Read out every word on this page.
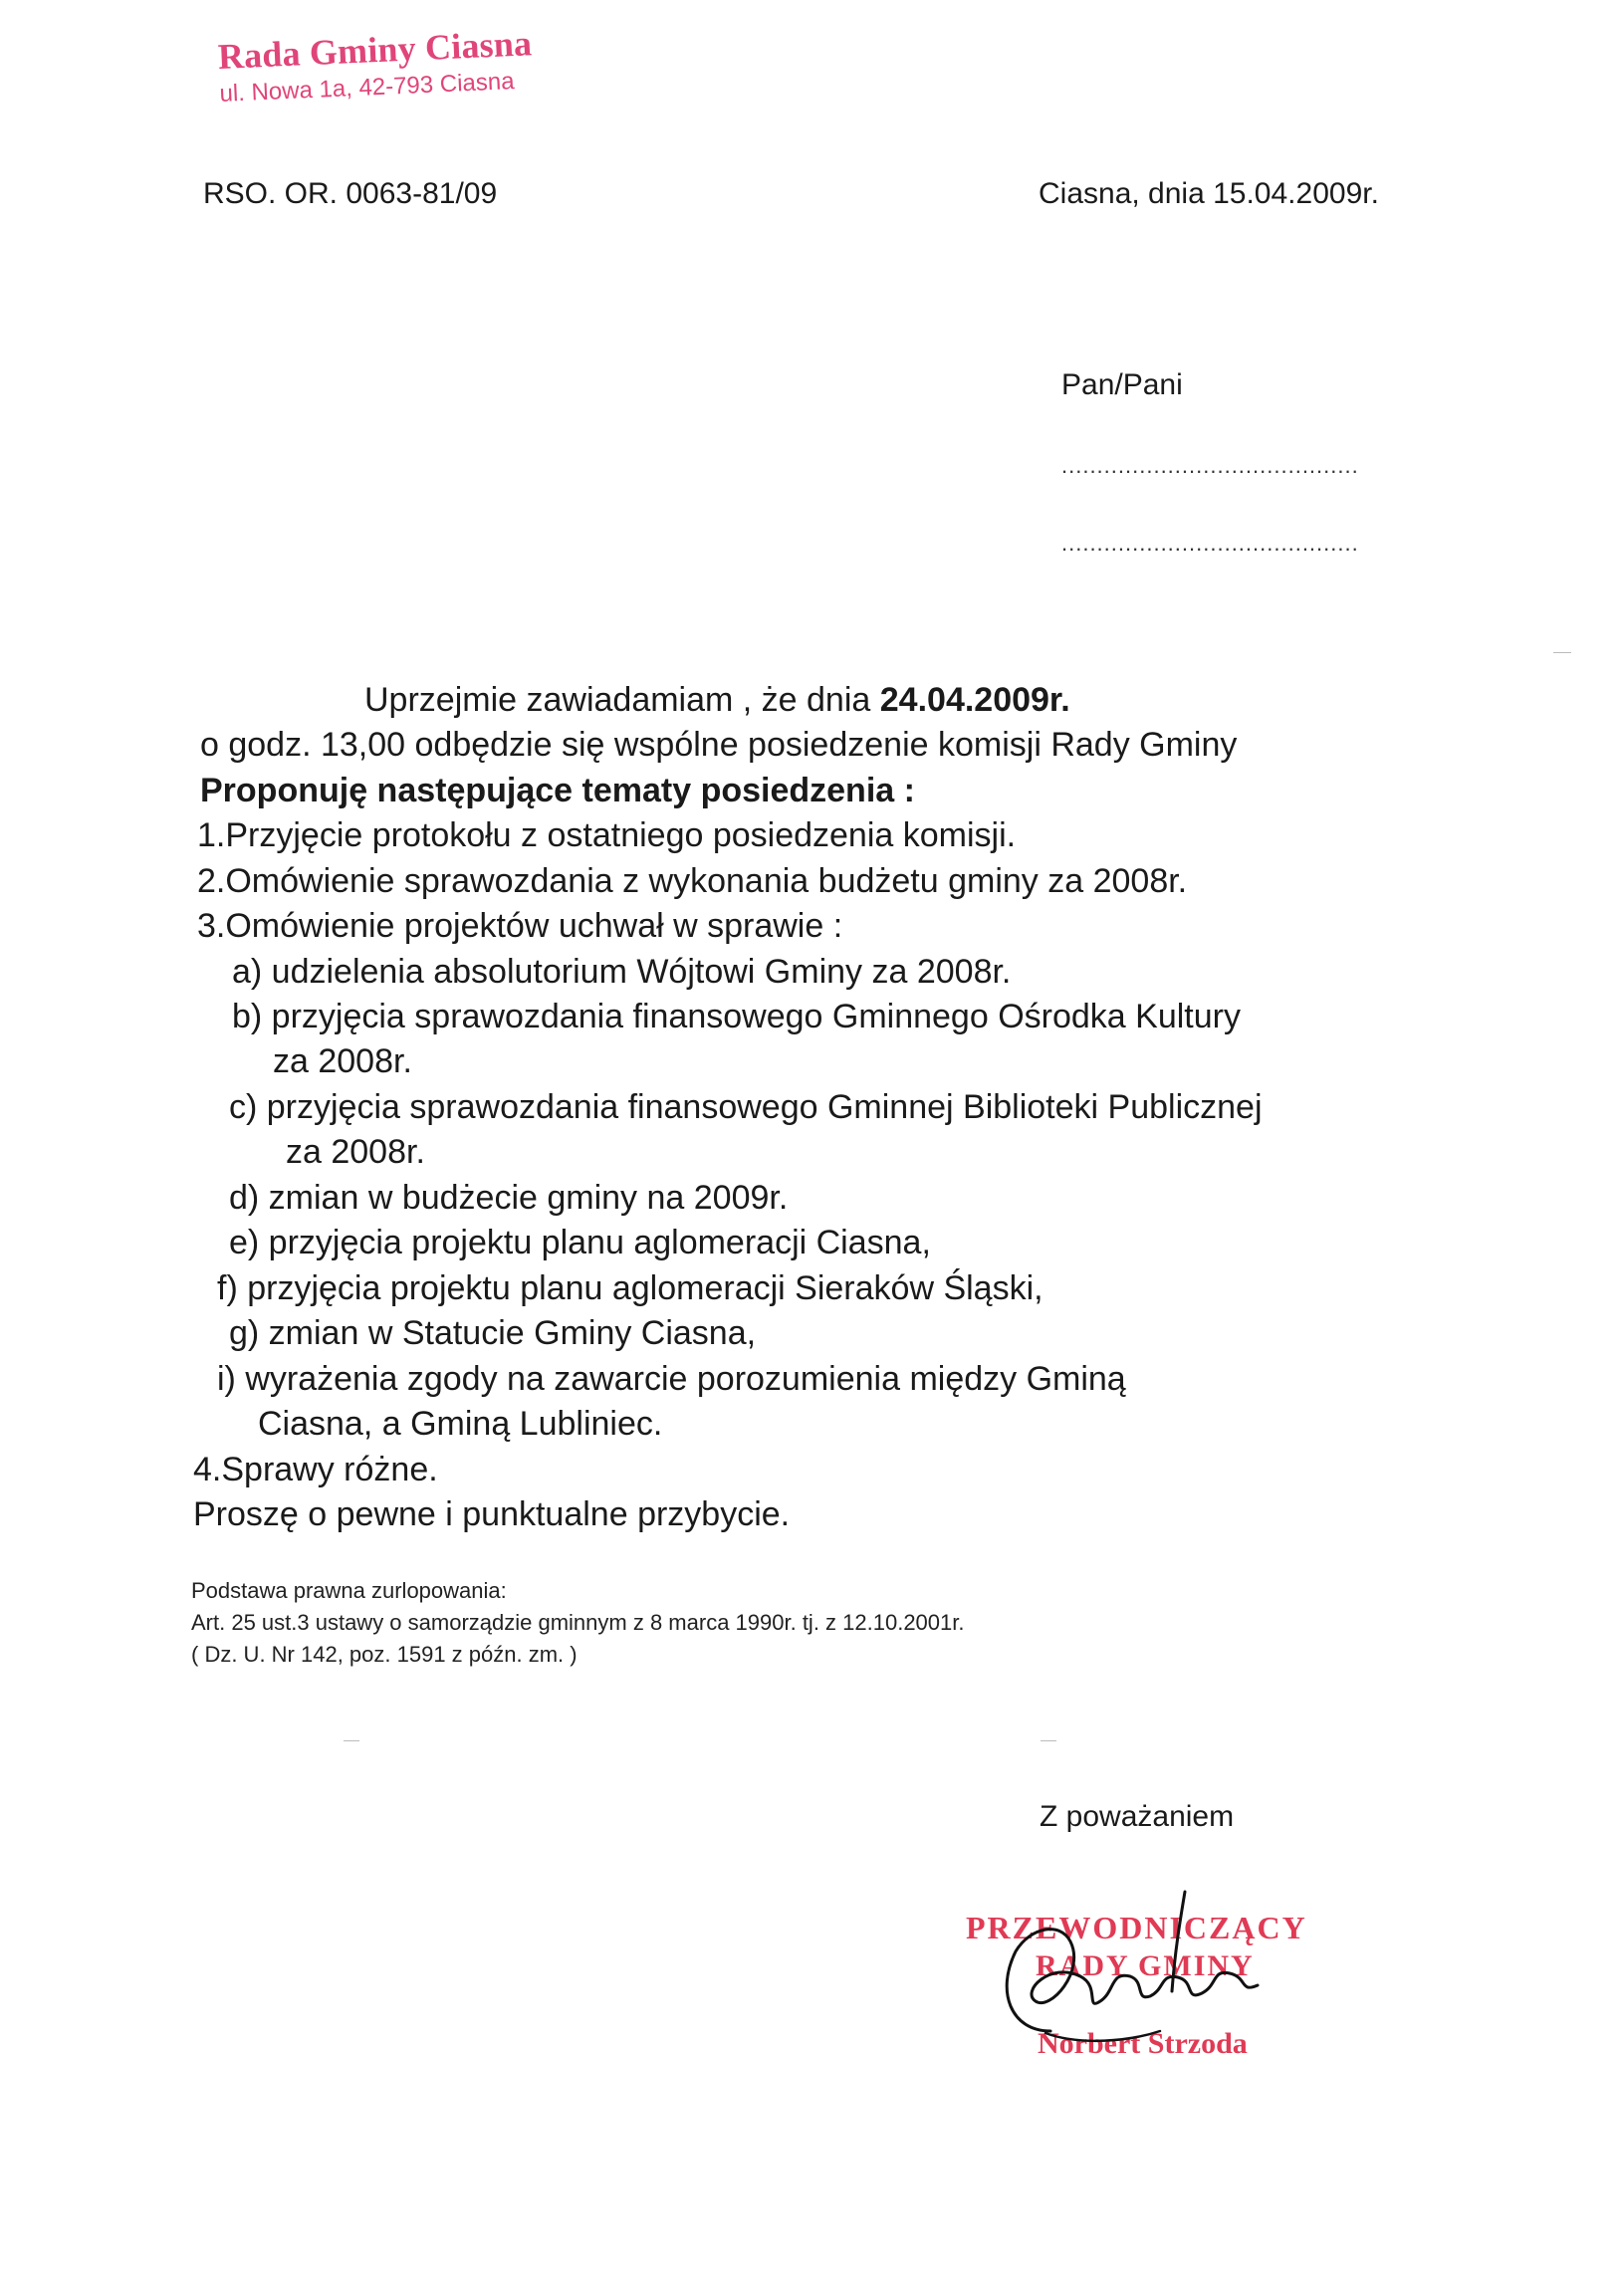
Rada Gminy Ciasna
ul. Nowa 1a, 42-793 Ciasna
RSO. OR. 0063-81/09	Ciasna, dnia 15.04.2009r.
Pan/Pani
..........................................
..........................................
Uprzejmie zawiadamiam , że dnia 24.04.2009r.
o godz. 13,00 odbędzie się wspólne posiedzenie komisji Rady Gminy
Proponuję następujące tematy posiedzenia :
1.Przyjęcie protokołu z ostatniego posiedzenia komisji.
2.Omówienie sprawozdania z wykonania budżetu gminy za 2008r.
3.Omówienie projektów uchwał w sprawie :
a) udzielenia absolutorium Wójtowi Gminy za 2008r.
b) przyjęcia sprawozdania finansowego Gminnego Ośrodka Kultury
za 2008r.
c) przyjęcia sprawozdania finansowego Gminnej Biblioteki Publicznej
za 2008r.
d) zmian w budżecie gminy na 2009r.
e) przyjęcia projektu planu aglomeracji Ciasna,
f) przyjęcia projektu planu aglomeracji Sieraków Śląski,
g) zmian w Statucie Gminy Ciasna,
i) wyrażenia zgody na zawarcie porozumienia między Gminą
Ciasna, a Gminą Lubliniec.
4.Sprawy różne.
Proszę o pewne i punktualne przybycie.
Podstawa prawna zurlopowania:
Art. 25 ust.3 ustawy o samorządzie gminnym z 8 marca 1990r. tj. z 12.10.2001r.
( Dz. U. Nr 142, poz. 1591 z późn. zm. )
Z poważaniem
PRZEWODNICZĄCY
RADY GMINY
Norbert Strzoda
